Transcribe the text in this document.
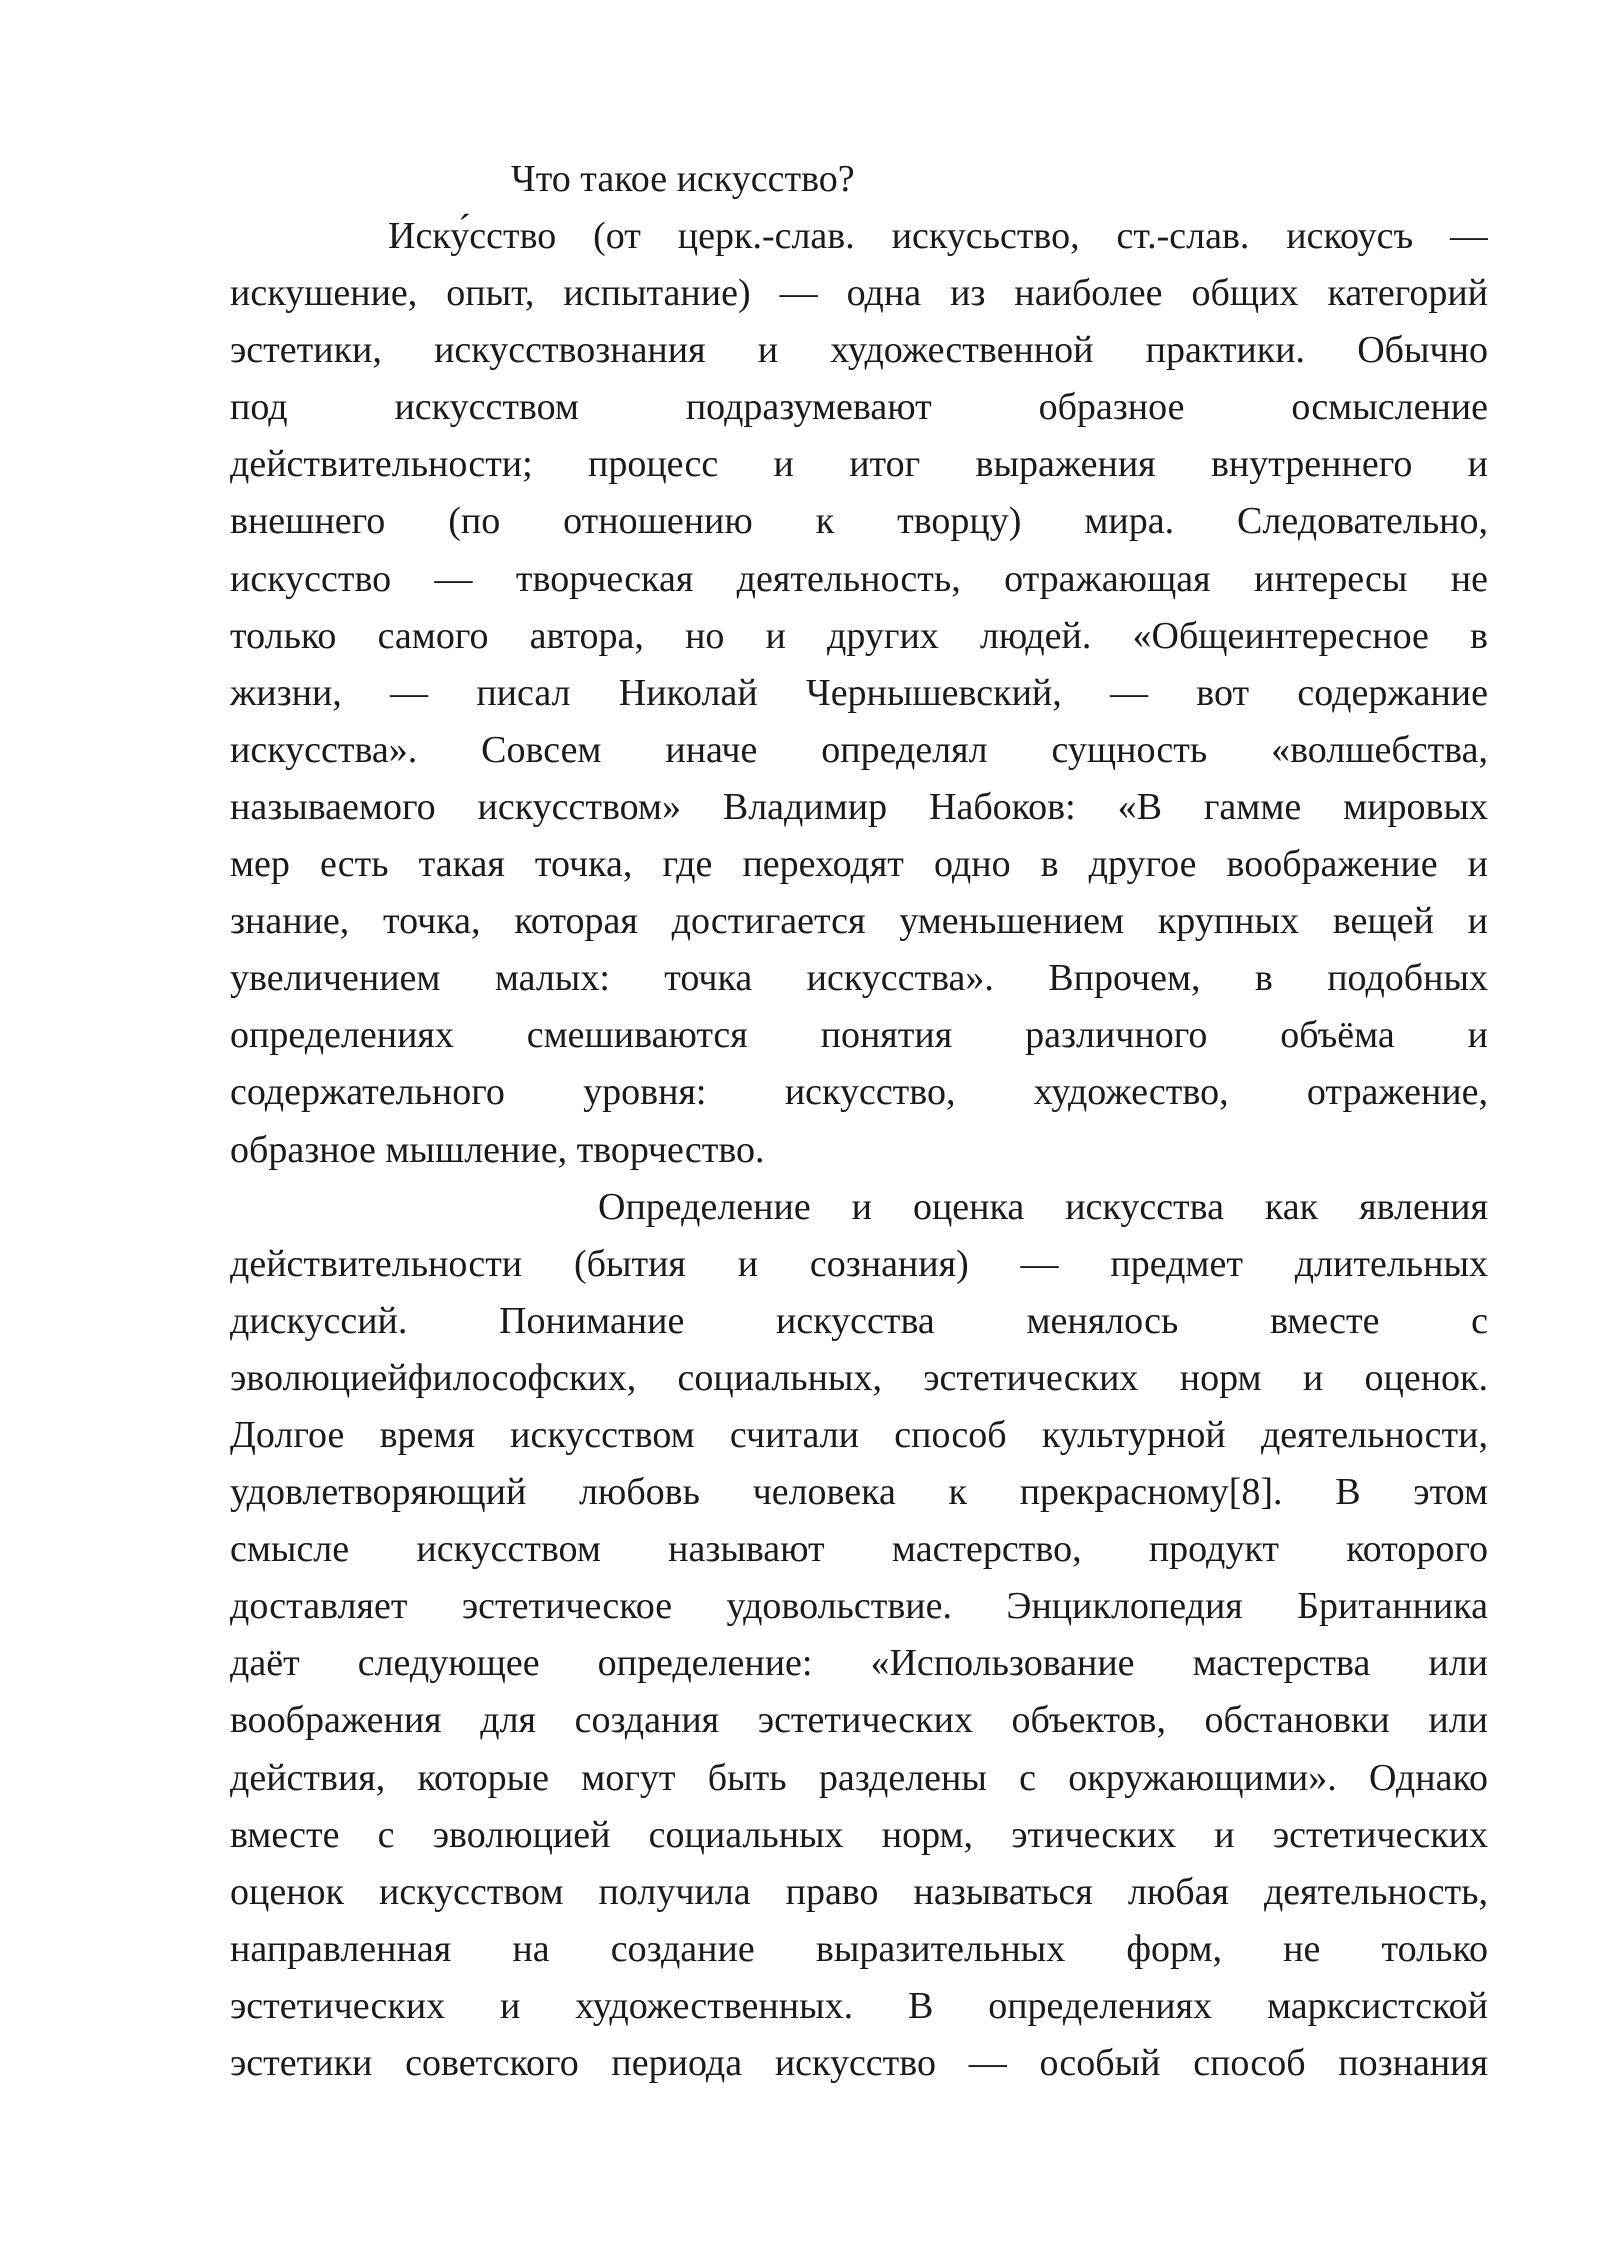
Что такое искусство?
Иску́сство (от церк.-слав. искусьство, ст.-слав. искоусъ —
искушение, опыт, испытание) — одна из наиболее общих категорий
эстетики, искусствознания и художественной практики. Обычно
под искусством подразумевают образное осмысление
действительности; процесс и итог выражения внутреннего и
внешнего (по отношению к творцу) мира. Следовательно,
искусство — творческая деятельность, отражающая интересы не
только самого автора, но и других людей. «Общеинтересное в
жизни, — писал Николай Чернышевский, — вот содержание
искусства». Совсем иначе определял сущность «волшебства,
называемого искусством» Владимир Набоков: «В гамме мировых
мер есть такая точка, где переходят одно в другое воображение и
знание, точка, которая достигается уменьшением крупных вещей и
увеличением малых: точка искусства». Впрочем, в подобных
определениях смешиваются понятия различного объёма и
содержательного уровня: искусство, художество, отражение,
образное мышление, творчество.
Определение и оценка искусства как явления
действительности (бытия и сознания) — предмет длительных
дискуссий. Понимание искусства менялось вместе с
эволюциейфилософских, социальных, эстетических норм и оценок.
Долгое время искусством считали способ культурной деятельности,
удовлетворяющий любовь человека к прекрасному[8]. В этом
смысле искусством называют мастерство, продукт которого
доставляет эстетическое удовольствие. Энциклопедия Британника
даёт следующее определение: «Использование мастерства или
воображения для создания эстетических объектов, обстановки или
действия, которые могут быть разделены с окружающими». Однако
вместе с эволюцией социальных норм, этических и эстетических
оценок искусством получила право называться любая деятельность,
направленная на создание выразительных форм, не только
эстетических и художественных. В определениях марксистской
эстетики советского периода искусство — особый способ познания
